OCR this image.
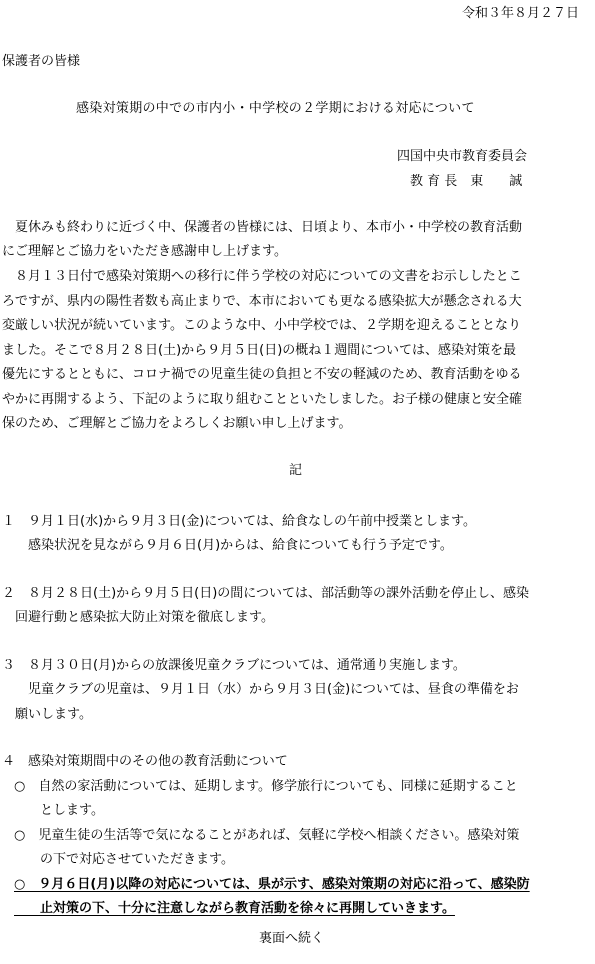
令和３年８月２７日
保護者の皆様
感染対策期の中での市内小・中学校の２学期における対応について
四国中央市教育委員会
教 育 長　東　　誠
　夏休みも終わりに近づく中、保護者の皆様には、日頃より、本市小・中学校の教育活動
にご理解とご協力をいただき感謝申し上げます。
　８月１３日付で感染対策期への移行に伴う学校の対応についての文書をお示ししたとこ
ろですが、県内の陽性者数も高止まりで、本市においても更なる感染拡大が懸念される大
変厳しい状況が続いています。このような中、小中学校では、２学期を迎えることとなり
ました。そこで８月２８日(土)から９月５日(日)の概ね１週間については、感染対策を最
優先にするとともに、コロナ禍での児童生徒の負担と不安の軽減のため、教育活動をゆる
やかに再開するよう、下記のように取り組むことといたしました。お子様の健康と安全確
保のため、ご理解とご協力をよろしくお願い申し上げます。
記
１　９月１日(水)から９月３日(金)については、給食なしの午前中授業とします。
　　感染状況を見ながら９月６日(月)からは、給食についても行う予定です。
２　８月２８日(土)から９月５日(日)の間については、部活動等の課外活動を停止し、感染
　回避行動と感染拡大防止対策を徹底します。
３　８月３０日(月)からの放課後児童クラブについては、通常通り実施します。
　　児童クラブの児童は、９月１日（水）から９月３日(金)については、昼食の準備をお
　願いします。
４　感染対策期間中のその他の教育活動について
○　自然の家活動については、延期します。修学旅行についても、同様に延期すること
　　とします。
○　児童生徒の生活等で気になることがあれば、気軽に学校へ相談ください。感染対策
　　の下で対応させていただきます。
○　９月６日(月)以降の対応については、県が示す、感染対策期の対応に沿って、感染防
　　止対策の下、十分に注意しながら教育活動を徐々に再開していきます。
裏面へ続く
